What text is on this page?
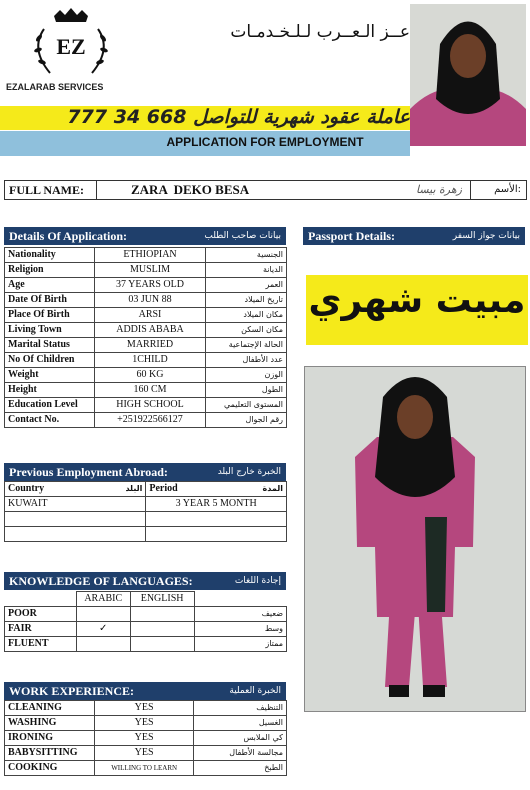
EZ
عــز الـعــرب لـلـخـدمـات
EZALARAB SERVICES
عاملة عقود شهرية للتواصل 668 34 777
APPLICATION FOR EMPLOYMENT
FULL NAME:	ZARA  DEKO BESA	زهرة بيسا	الأسم:
Details Of Application:	بيانات صاحب الطلب
Nationality	ETHIOPIAN	الجنسية
Religion	MUSLIM	الديانة
Age	37 YEARS OLD	العمر
Date Of Birth	03 JUN 88	تاريخ الميلاد
Place Of Birth	ARSI	مكان الميلاد
Living Town	ADDIS ABABA	مكان السكن
Marital Status	MARRIED	الحالة الإجتماعية
No Of Children	1CHILD	عدد الأطفال
Weight	60 KG	الوزن
Height	160 CM	الطول
Education Level	HIGH SCHOOL	المستوى التعليمي
Contact No.	+251922566127	رقم الجوال
Passport Details:	بيانات جواز السفر
مبيت شهري
Previous Employment Abroad:	الخبرة خارج البلد
Country البلد	Period المدة

KUWAIT	3 YEAR 5 MONTH

KNOWLEDGE OF LANGUAGES:	إجادة اللغات
	ARABIC	ENGLISH	
POOR			ضعيف
FAIR	✓		وسط
FLUENT			ممتاز
WORK EXPERIENCE:	الخبرة العملية
CLEANING	YES	التنظيف
WASHING	YES	الغسيل
IRONING	YES	كي الملابس
BABYSITTING	YES	مجالسة الأطفال
COOKING	WILLING TO LEARN	الطبخ
